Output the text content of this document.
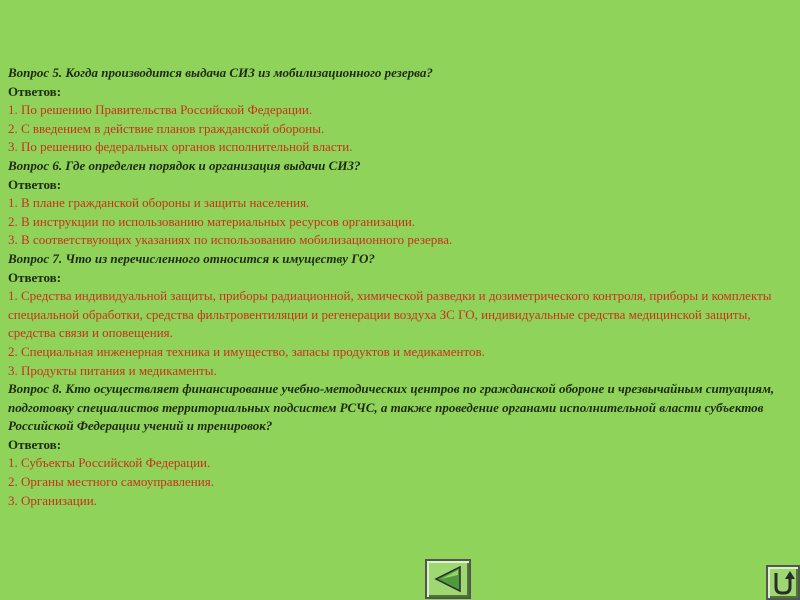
Вопрос 5. Когда производится выдача СИЗ из мобилизационного резерва?
Ответов:
1. По решению Правительства Российской Федерации.
2. С введением в действие планов гражданской обороны.
3. По решению федеральных органов исполнительной власти.
Вопрос 6. Где определен порядок и организация выдачи СИЗ?
Ответов:
1. В плане гражданской обороны и защиты населения.
2. В инструкции по использованию материальных ресурсов организации.
3. В соответствующих указаниях по использованию мобилизационного резерва.
Вопрос 7. Что из перечисленного относится к имуществу ГО?
Ответов:
1. Средства индивидуальной защиты, приборы радиационной, химической разведки и дозиметрического контроля, приборы и комплекты специальной обработки, средства фильтровентиляции и регенерации воздуха ЗС ГО, индивидуальные средства медицинской защиты, средства связи и оповещения.
2. Специальная инженерная техника и имущество, запасы продуктов и медикаментов.
3. Продукты питания и медикаменты.
Вопрос 8. Кто осуществляет финансирование учебно-методических центров по гражданской обороне и чрезвычайным ситуациям, подготовку специалистов территориальных подсистем РСЧС, а также проведение органами исполнительной власти субъектов Российской Федерации учений и тренировок?
Ответов:
1. Субъекты Российской Федерации.
2. Органы местного самоуправления.
3. Организации.
